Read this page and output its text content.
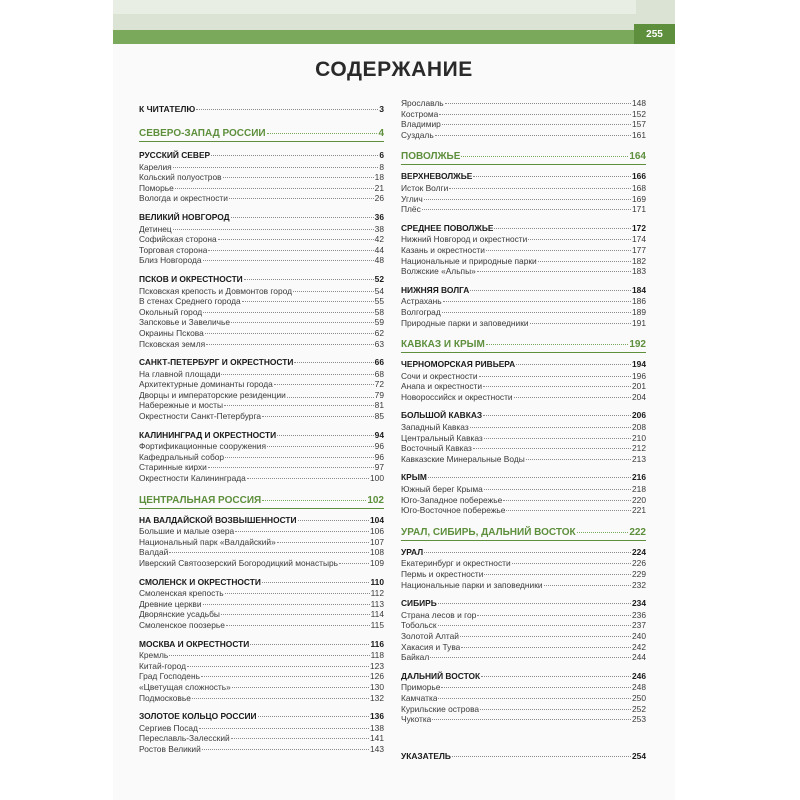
255
СОДЕРЖАНИЕ
К ЧИТАТЕЛЮ	3
СЕВЕРО-ЗАПАД РОССИИ	4
РУССКИЙ СЕВЕР	6
Карелия	8
Кольский полуостров	18
Поморье	21
Вологда и окрестности	26
ВЕЛИКИЙ НОВГОРОД	36
Детинец	38
Софийская сторона	42
Торговая сторона	44
Близ Новгорода	48
ПСКОВ И ОКРЕСТНОСТИ	52
Псковская крепость и Довмонтов город	54
В стенах Среднего города	55
Окольный город	58
Запсковье и Завеличье	59
Окраины Пскова	62
Псковская земля	63
САНКТ-ПЕТЕРБУРГ И ОКРЕСТНОСТИ	66
На главной площади	68
Архитектурные доминанты города	72
Дворцы и императорские резиденции	79
Набережные и мосты	81
Окрестности Санкт-Петербурга	85
КАЛИНИНГРАД И ОКРЕСТНОСТИ	94
Фортификационные сооружения	96
Кафедральный собор	96
Старинные кирхи	97
Окрестности Калининграда	100
ЦЕНТРАЛЬНАЯ РОССИЯ	102
НА ВАЛДАЙСКОЙ ВОЗВЫШЕННОСТИ	104
Большие и малые озера	106
Национальный парк «Валдайский»	107
Валдай	108
Иверский Святоозерский Богородицкий монастырь	109
СМОЛЕНСК И ОКРЕСТНОСТИ	110
Смоленская крепость	112
Древние церкви	113
Дворянские усадьбы	114
Смоленское поозерье	115
МОСКВА И ОКРЕСТНОСТИ	116
Кремль	118
Китай-город	123
Град Господень	126
«Цветущая сложность»	130
Подмосковье	132
ЗОЛОТОЕ КОЛЬЦО РОССИИ	136
Сергиев Посад	138
Переславль-Залесский	141
Ростов Великий	143
Ярославль	148
Кострома	152
Владимир	157
Суздаль	161
ПОВОЛЖЬЕ	164
ВЕРХНЕВОЛЖЬЕ	166
Исток Волги	168
Углич	169
Плёс	171
СРЕДНЕЕ ПОВОЛЖЬЕ	172
Нижний Новгород и окрестности	174
Казань и окрестности	177
Национальные и природные парки	182
Волжские «Альпы»	183
НИЖНЯЯ ВОЛГА	184
Астрахань	186
Волгоград	189
Природные парки и заповедники	191
КАВКАЗ И КРЫМ	192
ЧЕРНОМОРСКАЯ РИВЬЕРА	194
Сочи и окрестности	196
Анапа и окрестности	201
Новороссийск и окрестности	204
БОЛЬШОЙ КАВКАЗ	206
Западный Кавказ	208
Центральный Кавказ	210
Восточный Кавказ	212
Кавказские Минеральные Воды	213
КРЫМ	216
Южный берег Крыма	218
Юго-Западное побережье	220
Юго-Восточное побережье	221
УРАЛ, СИБИРЬ, ДАЛЬНИЙ ВОСТОК	222
УРАЛ	224
Екатеринбург и окрестности	226
Пермь и окрестности	229
Национальные парки и заповедники	232
СИБИРЬ	234
Страна лесов и гор	236
Тобольск	237
Золотой Алтай	240
Хакасия и Тува	242
Байкал	244
ДАЛЬНИЙ ВОСТОК	246
Приморье	248
Камчатка	250
Курильские острова	252
Чукотка	253
УКАЗАТЕЛЬ	254
